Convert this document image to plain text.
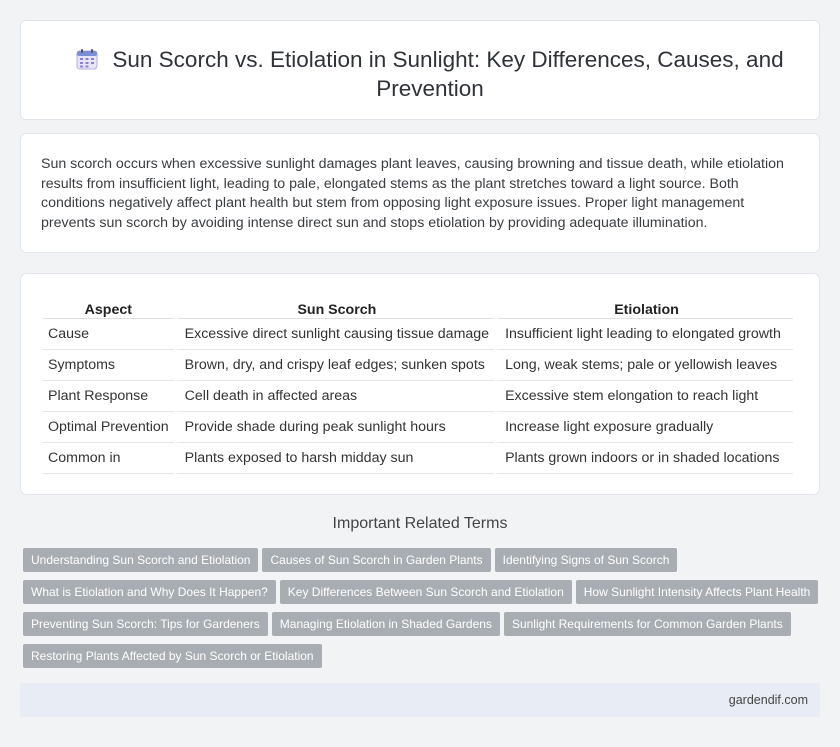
Sun Scorch vs. Etiolation in Sunlight: Key Differences, Causes, and Prevention

Sun scorch occurs when excessive sunlight damages plant leaves, causing browning and tissue death, while etiolation results from insufficient light, leading to pale, elongated stems as the plant stretches toward a light source. Both conditions negatively affect plant health but stem from opposing light exposure issues. Proper light management prevents sun scorch by avoiding intense direct sun and stops etiolation by providing adequate illumination.

Aspect	Sun Scorch	Etiolation
Cause	Excessive direct sunlight causing tissue damage	Insufficient light leading to elongated growth
Symptoms	Brown, dry, and crispy leaf edges; sunken spots	Long, weak stems; pale or yellowish leaves
Plant Response	Cell death in affected areas	Excessive stem elongation to reach light
Optimal Prevention	Provide shade during peak sunlight hours	Increase light exposure gradually
Common in	Plants exposed to harsh midday sun	Plants grown indoors or in shaded locations
Important Related Terms
Understanding Sun Scorch and Etiolation Causes of Sun Scorch in Garden Plants Identifying Signs of Sun Scorch
What is Etiolation and Why Does It Happen? Key Differences Between Sun Scorch and Etiolation How Sunlight Intensity Affects Plant Health
Preventing Sun Scorch: Tips for Gardeners Managing Etiolation in Shaded Gardens Sunlight Requirements for Common Garden Plants
Restoring Plants Affected by Sun Scorch or Etiolation
gardendif.com
